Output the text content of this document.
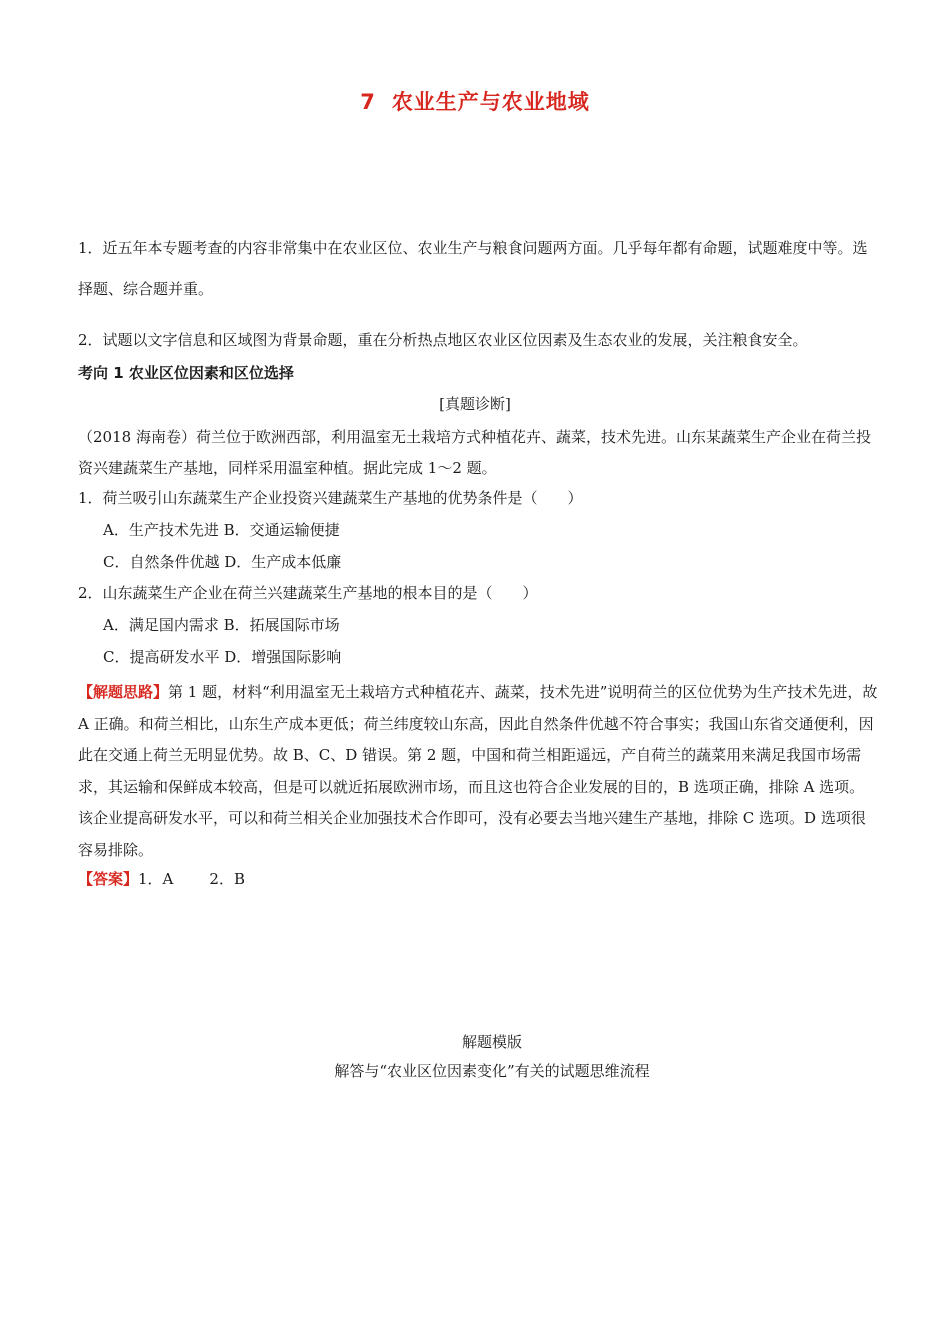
7 农业生产与农业地域
1．近五年本专题考查的内容非常集中在农业区位、农业生产与粮食问题两方面。几乎每年都有命题，试题难度中等。选择题、综合题并重。
2．试题以文字信息和区域图为背景命题，重在分析热点地区农业区位因素及生态农业的发展，关注粮食安全。
考向 1 农业区位因素和区位选择
[真题诊断]
（2018 海南卷）荷兰位于欧洲西部，利用温室无土栽培方式种植花卉、蔬菜，技术先进。山东某蔬菜生产企业在荷兰投资兴建蔬菜生产基地，同样采用温室种植。据此完成 1～2 题。
1．荷兰吸引山东蔬菜生产企业投资兴建蔬菜生产基地的优势条件是（　　）
A．生产技术先进 B．交通运输便捷
C．自然条件优越 D．生产成本低廉
2．山东蔬菜生产企业在荷兰兴建蔬菜生产基地的根本目的是（　　）
A．满足国内需求 B．拓展国际市场
C．提高研发水平 D．增强国际影响
【解题思路】第 1 题，材料“利用温室无土栽培方式种植花卉、蔬菜，技术先进”说明荷兰的区位优势为生产技术先进，故 A 正确。和荷兰相比，山东生产成本更低；荷兰纬度较山东高，因此自然条件优越不符合事实；我国山东省交通便利，因此在交通上荷兰无明显优势。故 B、C、D 错误。第 2 题，中国和荷兰相距遥远，产自荷兰的蔬菜用来满足我国市场需求，其运输和保鲜成本较高，但是可以就近拓展欧洲市场，而且这也符合企业发展的目的，B 选项正确，排除 A 选项。该企业提高研发水平，可以和荷兰相关企业加强技术合作即可，没有必要去当地兴建生产基地，排除 C 选项。D 选项很容易排除。
【答案】1．A 2．B
解题模版
解答与“农业区位因素变化”有关的试题思维流程
